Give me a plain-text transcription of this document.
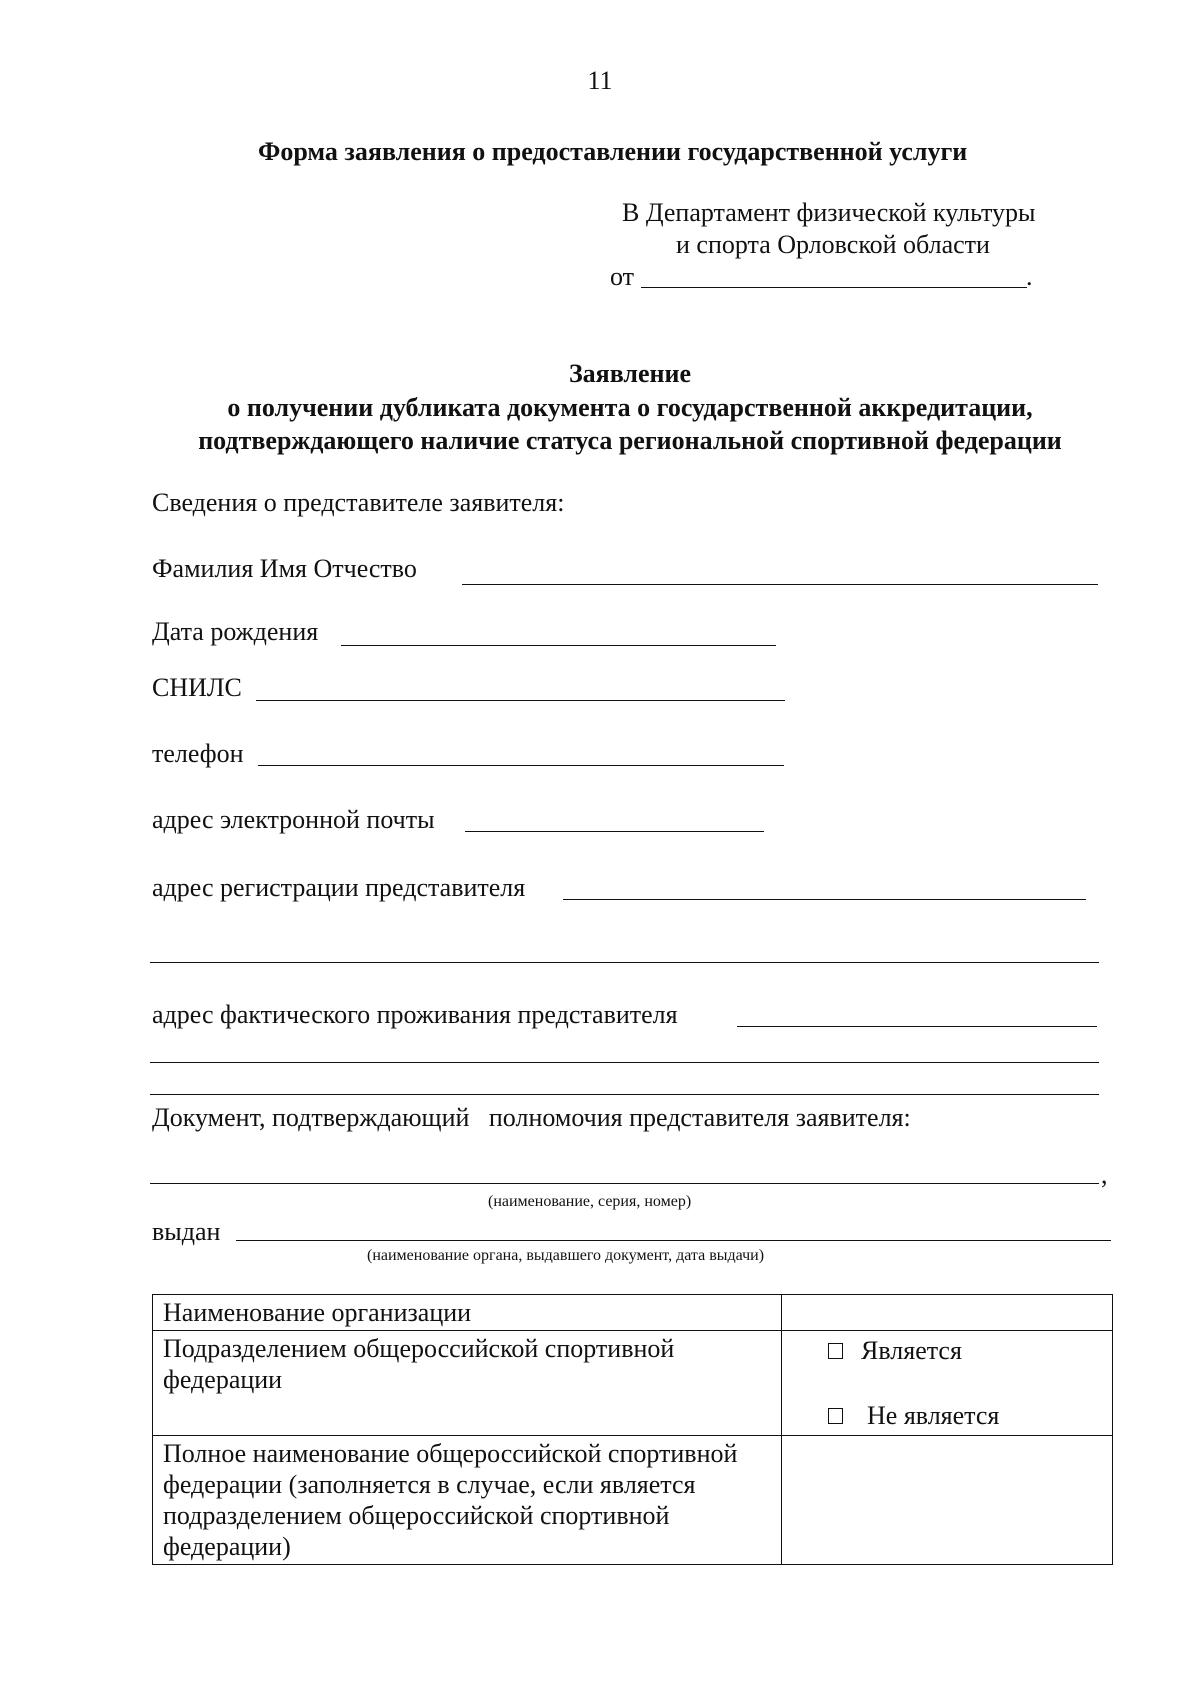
11
Форма заявления о предоставлении государственной услуги
В Департамент физической культуры
и спорта Орловской области
от	.
Заявление
о получении дубликата документа о государственной аккредитации,
подтверждающего наличие статуса региональной спортивной федерации
Сведения о представителе заявителя:
Фамилия Имя Отчество
Дата рождения
СНИЛС
телефон
адрес электронной почты
адрес регистрации представителя
адрес фактического проживания представителя
Документ, подтверждающий   полномочия представителя заявителя:
,
(наименование, серия, номер)
выдан
(наименование органа, выдавшего документ, дата выдачи)
Наименование организации	
Подразделением общероссийской спортивной федерации	Является
Не является

Полное наименование общероссийской спортивной федерации (заполняется в случае, если является подразделением общероссийской спортивной федерации)	
